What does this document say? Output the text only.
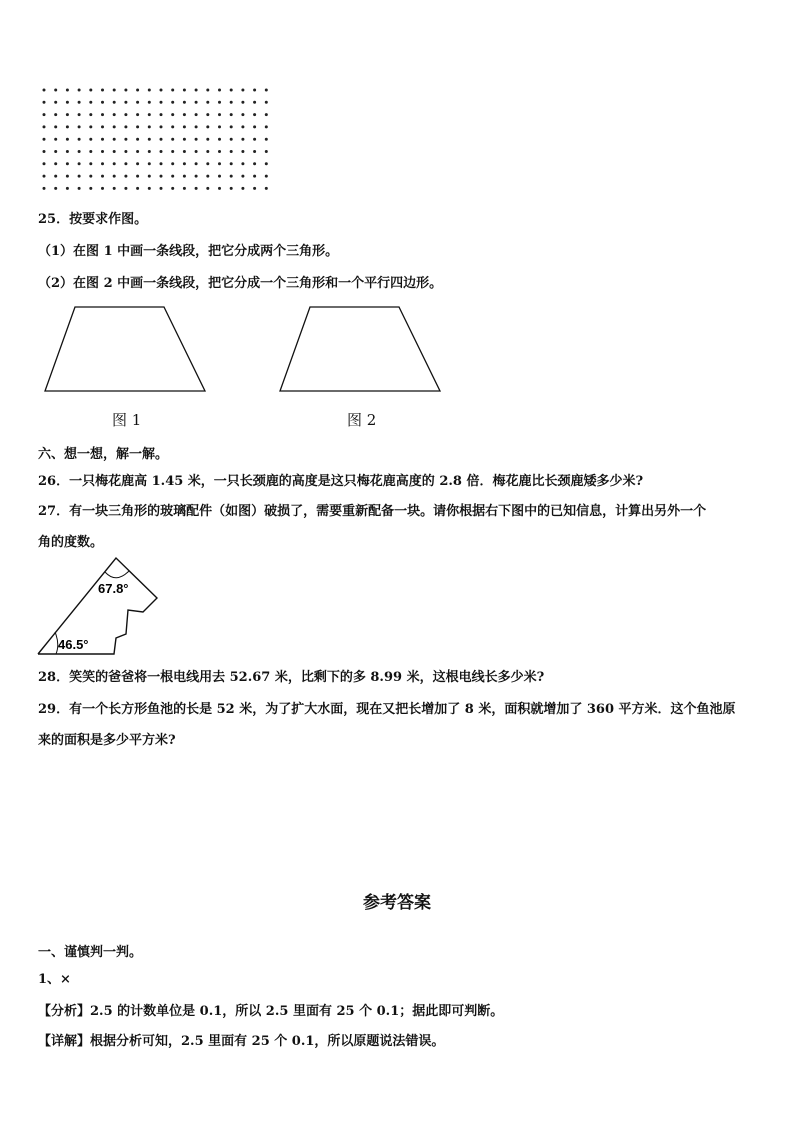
25．按要求作图。
（1）在图 1 中画一条线段，把它分成两个三角形。
（2）在图 2 中画一条线段，把它分成一个三角形和一个平行四边形。
图 1	图 2
六、想一想，解一解。
26．一只梅花鹿高 1.45 米，一只长颈鹿的高度是这只梅花鹿高度的 2.8 倍．梅花鹿比长颈鹿矮多少米?
27．有一块三角形的玻璃配件（如图）破损了，需要重新配备一块。请你根据右下图中的已知信息，计算出另外一个
角的度数。
67.8°
46.5°
28．笑笑的爸爸将一根电线用去 52.67 米，比剩下的多 8.99 米，这根电线长多少米?
29．有一个长方形鱼池的长是 52 米，为了扩大水面，现在又把长增加了 8 米，面积就增加了 360 平方米．这个鱼池原
来的面积是多少平方米?
参考答案
一、谨慎判一判。
1、×
【分析】2.5 的计数单位是 0.1，所以 2.5 里面有 25 个 0.1；据此即可判断。
【详解】根据分析可知，2.5 里面有 25 个 0.1，所以原题说法错误。
